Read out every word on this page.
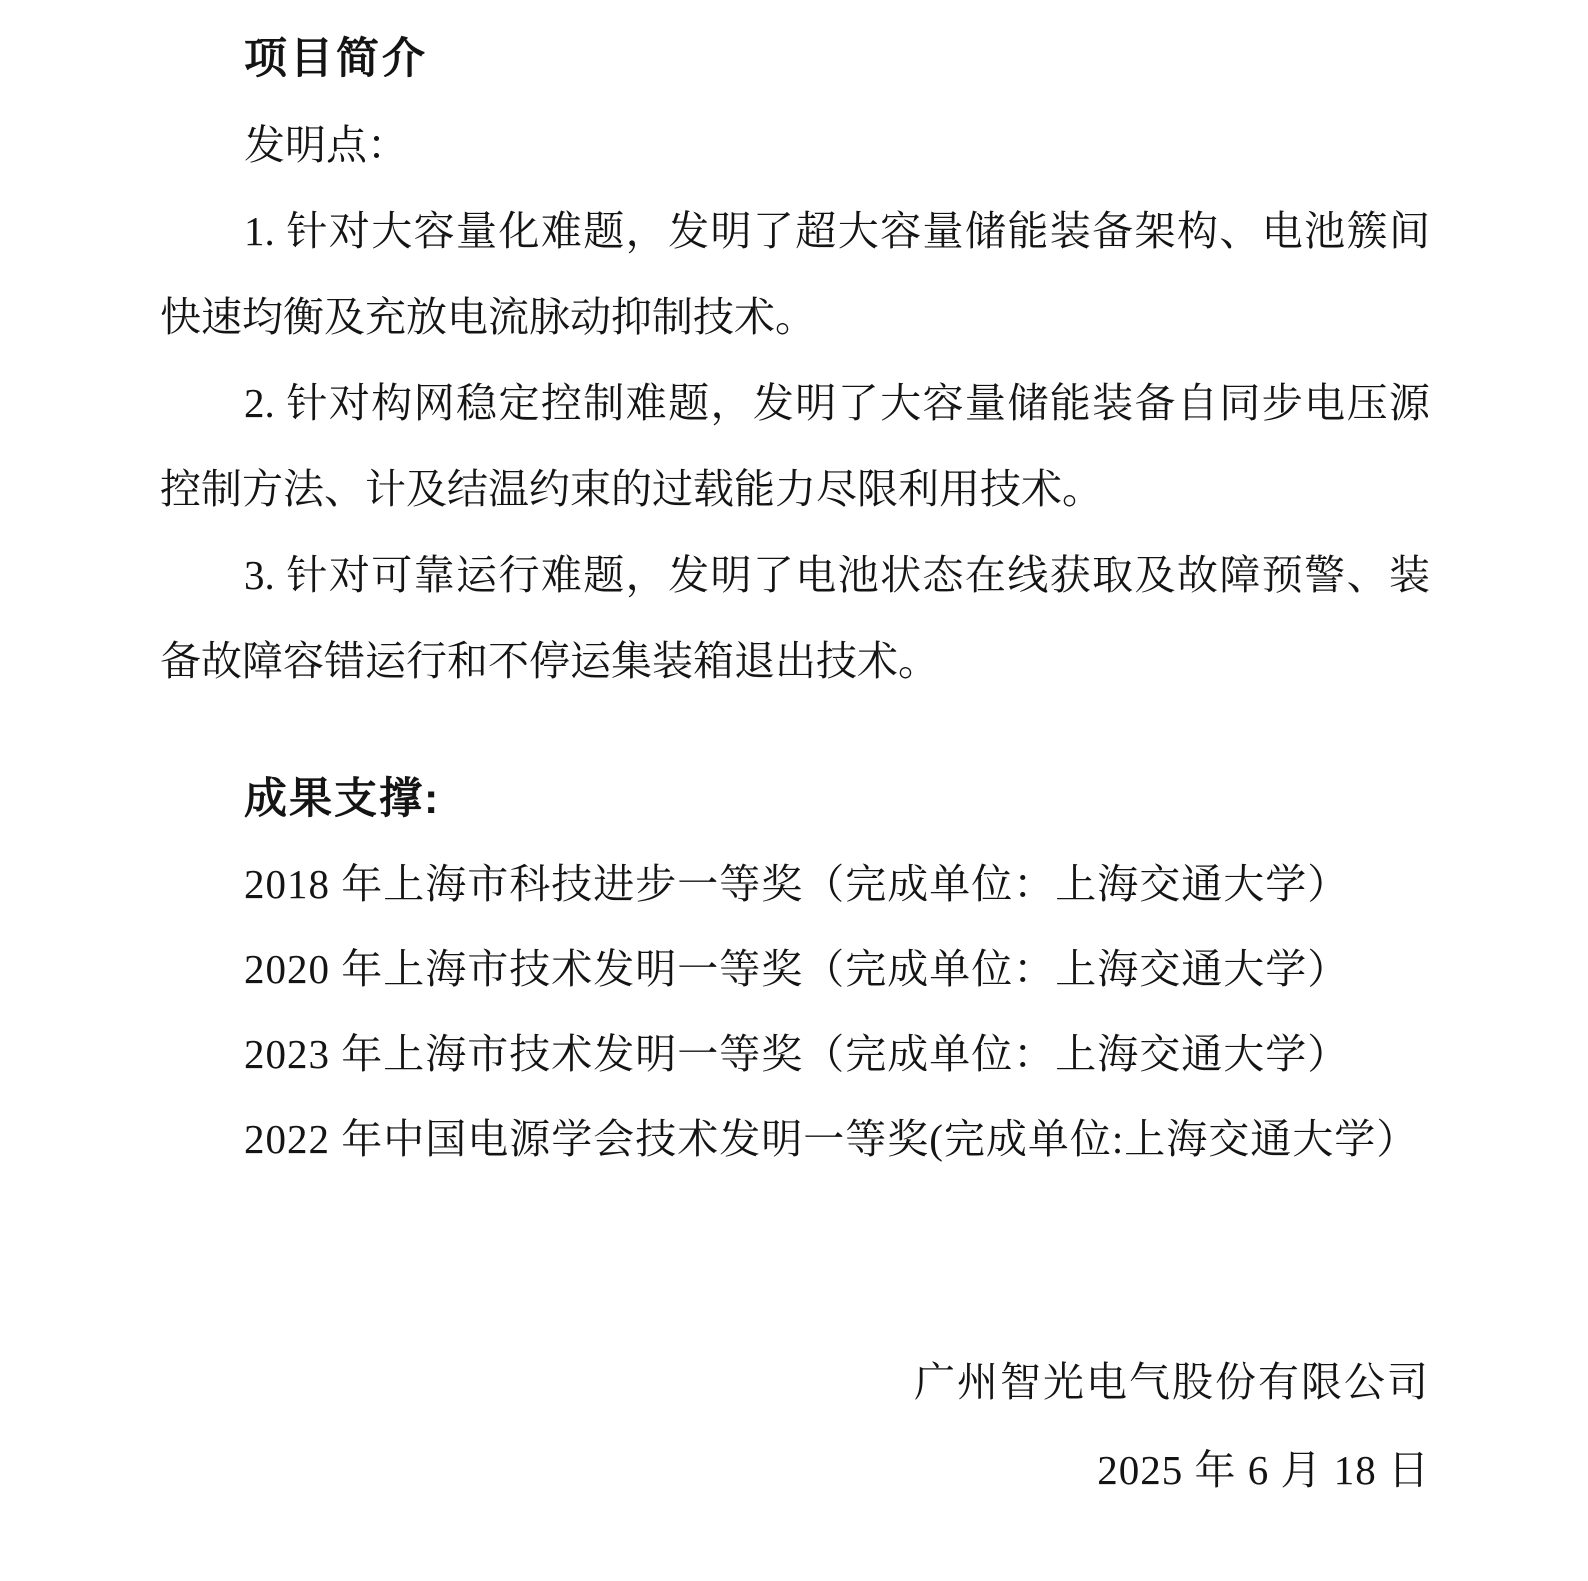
项目简介

发明点：

1. 针对大容量化难题，发明了超大容量储能装备架构、电池簇间快速均衡及充放电流脉动抑制技术。

2. 针对构网稳定控制难题，发明了大容量储能装备自同步电压源控制方法、计及结温约束的过载能力尽限利用技术。

3. 针对可靠运行难题，发明了电池状态在线获取及故障预警、装备故障容错运行和不停运集装箱退出技术。

成果支撑:

2018 年上海市科技进步一等奖（完成单位：上海交通大学）

2020 年上海市技术发明一等奖（完成单位：上海交通大学）

2023 年上海市技术发明一等奖（完成单位：上海交通大学）

2022 年中国电源学会技术发明一等奖(完成单位:上海交通大学）

广州智光电气股份有限公司

2025 年 6 月 18 日
